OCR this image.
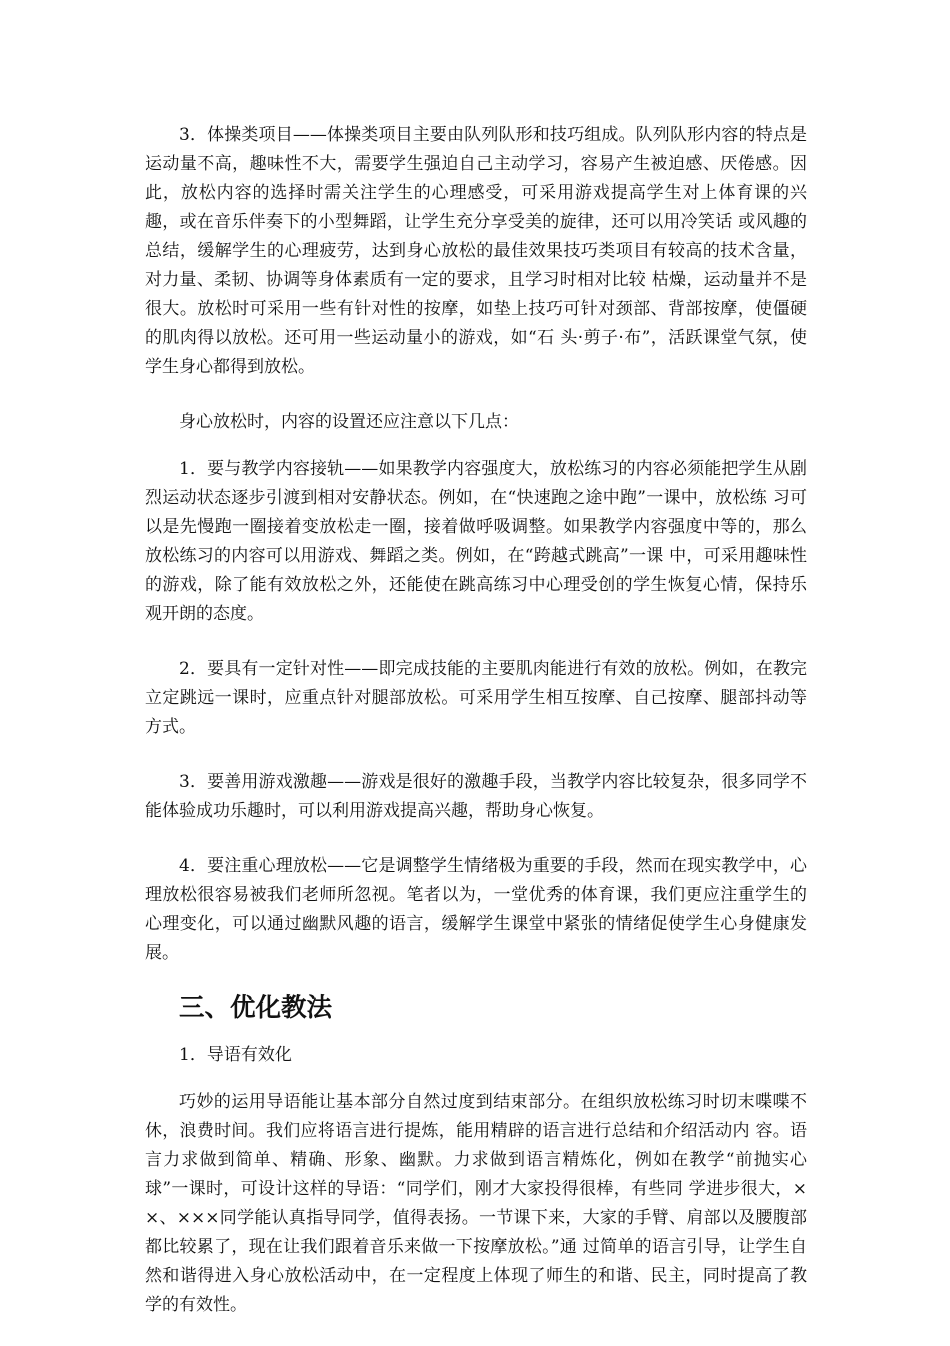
3．体操类项目——体操类项目主要由队列队形和技巧组成。队列队形内容的特点是运动量不高，趣味性不大，需要学生强迫自己主动学习，容易产生被迫感、厌倦感。因此，放松内容的选择时需关注学生的心理感受，可采用游戏提高学生对上体育课的兴趣，或在音乐伴奏下的小型舞蹈，让学生充分享受美的旋律，还可以用冷笑话 或风趣的总结，缓解学生的心理疲劳，达到身心放松的最佳效果技巧类项目有较高的技术含量，对力量、柔韧、协调等身体素质有一定的要求，且学习时相对比较 枯燥，运动量并不是很大。放松时可采用一些有针对性的按摩，如垫上技巧可针对颈部、背部按摩，使僵硬的肌肉得以放松。还可用一些运动量小的游戏，如“石 头·剪子·布”，活跃课堂气氛，使学生身心都得到放松。

身心放松时，内容的设置还应注意以下几点：

1．要与教学内容接轨——如果教学内容强度大，放松练习的内容必须能把学生从剧烈运动状态逐步引渡到相对安静状态。例如，在“快速跑之途中跑”一课中，放松练 习可以是先慢跑一圈接着变放松走一圈，接着做呼吸调整。如果教学内容强度中等的，那么放松练习的内容可以用游戏、舞蹈之类。例如，在“跨越式跳高”一课 中，可采用趣味性的游戏，除了能有效放松之外，还能使在跳高练习中心理受创的学生恢复心情，保持乐观开朗的态度。

2．要具有一定针对性——即完成技能的主要肌肉能进行有效的放松。例如，在教完立定跳远一课时，应重点针对腿部放松。可采用学生相互按摩、自己按摩、腿部抖动等方式。

3．要善用游戏激趣——游戏是很好的激趣手段，当教学内容比较复杂，很多同学不能体验成功乐趣时，可以利用游戏提高兴趣，帮助身心恢复。

4．要注重心理放松——它是调整学生情绪极为重要的手段，然而在现实教学中，心理放松很容易被我们老师所忽视。笔者以为，一堂优秀的体育课，我们更应注重学生的心理变化，可以通过幽默风趣的语言，缓解学生课堂中紧张的情绪促使学生心身健康发展。

三、优化教法

1．导语有效化

巧妙的运用导语能让基本部分自然过度到结束部分。在组织放松练习时切末喋喋不休，浪费时间。我们应将语言进行提炼，能用精辟的语言进行总结和介绍活动内 容。语言力求做到简单、精确、形象、幽默。力求做到语言精炼化，例如在教学“前抛实心球”一课时，可设计这样的导语：“同学们，刚才大家投得很棒，有些同 学进步很大，××、×××同学能认真指导同学，值得表扬。一节课下来，大家的手臂、肩部以及腰腹部都比较累了，现在让我们跟着音乐来做一下按摩放松。”通 过简单的语言引导，让学生自然和谐得进入身心放松活动中，在一定程度上体现了师生的和谐、民主，同时提高了教学的有效性。
